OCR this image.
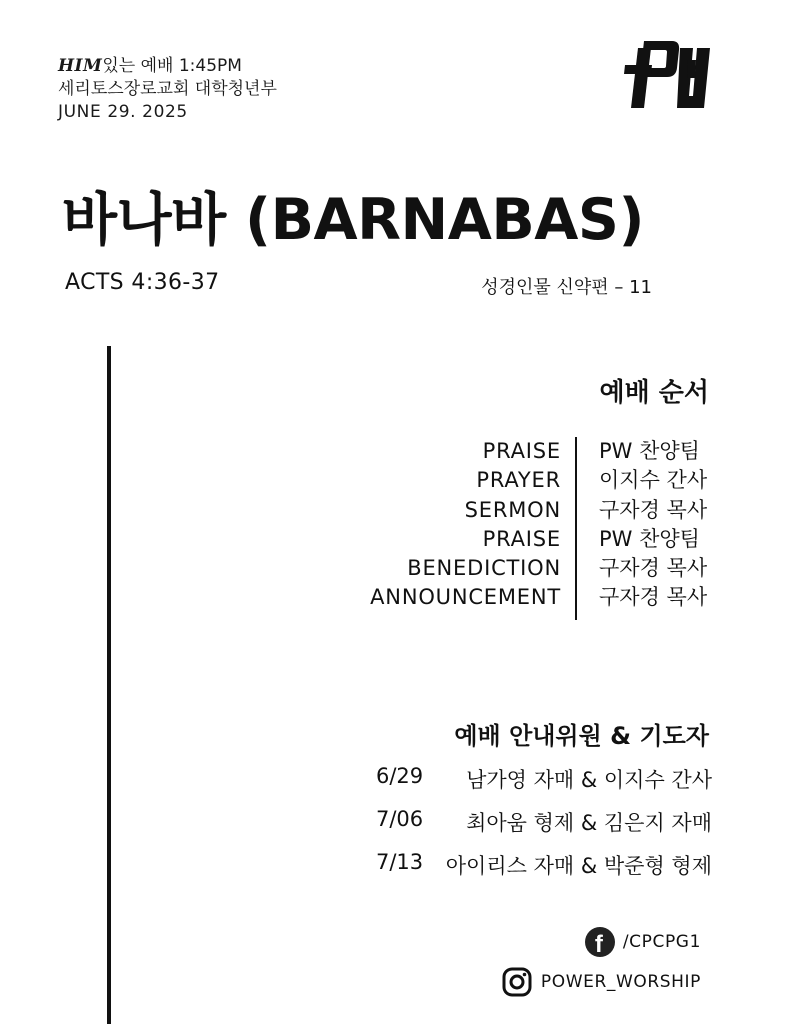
HIM있는 예배 1:45PM
세리토스장로교회 대학청년부
JUNE 29. 2025
바나바 (BARNABAS)
ACTS 4:36-37	성경인물 신약편 – 11
예배 순서
PRAISE
PRAYER
SERMON
PRAISE
BENEDICTION
ANNOUNCEMENT
PW 찬양팀
이지수 간사
구자경 목사
PW 찬양팀
구자경 목사
구자경 목사
예배 안내위원 & 기도자
6/29 남가영 자매 & 이지수 간사
7/06 최아움 형제 & 김은지 자매
7/13 아이리스 자매 & 박준형 형제
f /CPCPG1
POWER_WORSHIP
